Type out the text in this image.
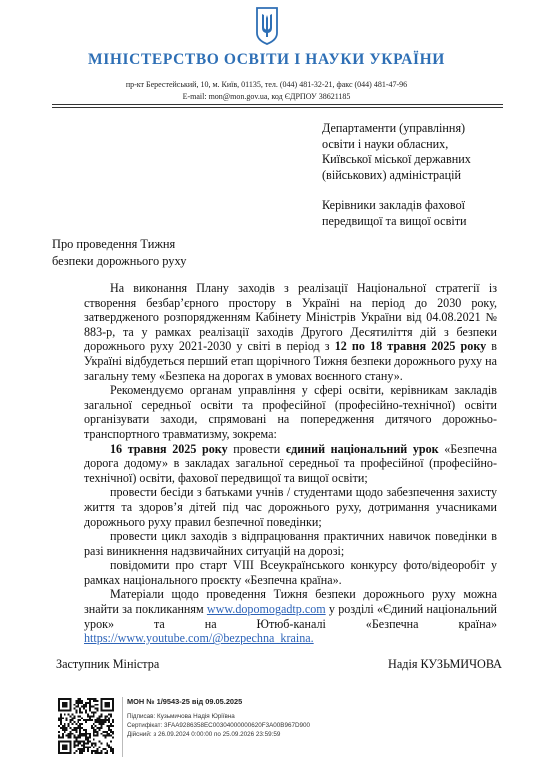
МІНІСТЕРСТВО ОСВІТИ І НАУКИ УКРАЇНИ
пр-кт Берестейський, 10, м. Київ, 01135, тел. (044) 481-32-21, факс (044) 481-47-96
E-mail: mon@mon.gov.ua, код ЄДРПОУ 38621185
Департаменти (управління)
освіти і науки обласних,
Київської міської державних
(військових) адміністрацій
Керівники закладів фахової
передвищої та вищої освіти
Про проведення Тижня
безпеки дорожнього руху

На виконання Плану заходів з реалізації Національної стратегії із створення безбар’єрного простору в Україні на період до 2030 року, затвердженого розпорядженням Кабінету Міністрів України від 04.08.2021 № 883-р, та у рамках реалізації заходів Другого Десятиліття дій з безпеки дорожнього руху 2021-2030 у світі в період з 12 по 18 травня 2025 року в Україні відбудеться перший етап щорічного Тижня безпеки дорожнього руху на загальну тему «Безпека на дорогах в умовах воєнного стану».

Рекомендуємо органам управління у сфері освіти, керівникам закладів загальної середньої освіти та професійної (професійно-технічної) освіти організувати заходи, спрямовані на попередження дитячого дорожньо-транспортного травматизму, зокрема:

16 травня 2025 року провести єдиний національний урок «Безпечна дорога додому» в закладах загальної середньої та професійної (професійно-технічної) освіти, фахової передвищої та вищої освіти;

провести бесіди з батьками учнів / студентами щодо забезпечення захисту життя та здоров’я дітей під час дорожнього руху, дотримання учасниками дорожнього руху правил безпечної поведінки;

провести цикл заходів з відпрацювання практичних навичок поведінки в разі виникнення надзвичайних ситуацій на дорозі;

повідомити про старт VIII Всеукраїнського конкурсу фото/відеоробіт у рамках національного проєкту «Безпечна країна».

Матеріали щодо проведення Тижня безпеки дорожнього руху можна знайти за покликанням www.dopomogadtp.com у розділі «Єдиний національний урок» та на Ютюб-каналі «Безпечна країна» https://www.youtube.com/@bezpechna_kraina.

Заступник Міністра	Надія КУЗЬМИЧОВА
МОН № 1/9543-25 від 09.05.2025
Підписав: Кузьмичова Надія Юріївна
Сертифікат: 3FAA9286358EC00304000000620F3A00B967D900
Дійсний: з 26.09.2024 0:00:00 по 25.09.2026 23:59:59
